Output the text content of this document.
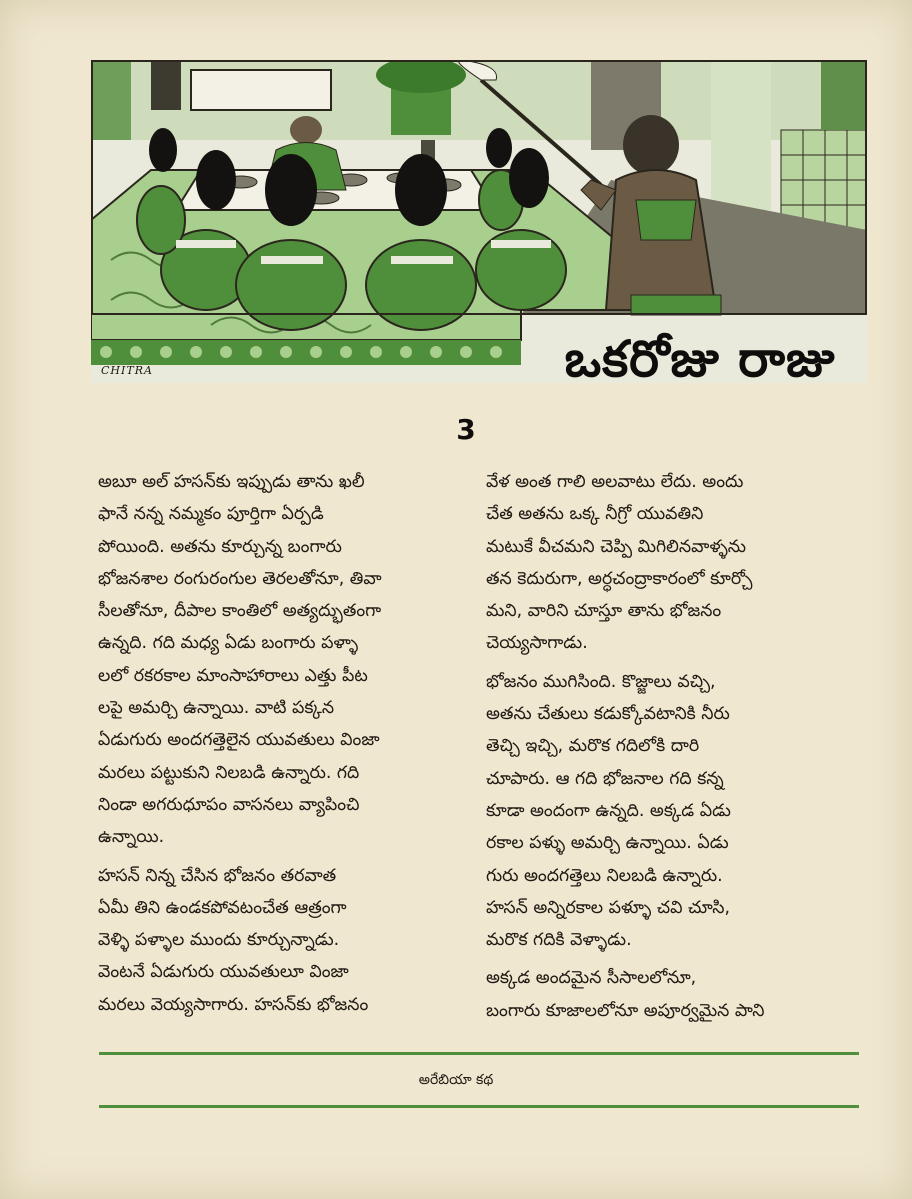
CHITRA	ఒకరోజు రాజు
3

అబూ అల్ హసన్‌కు ఇప్పుడు తాను ఖలీ
ఫానే నన్న నమ్మకం పూర్తిగా ఏర్పడి
పోయింది. అతను కూర్చున్న బంగారు
భోజనశాల రంగురంగుల తెరలతోనూ, తివా
సీలతోనూ, దీపాల కాంతిలో అత్యద్భుతంగా
ఉన్నది. గది మధ్య ఏడు బంగారు పళ్ళా
లలో రకరకాల మాంసాహారాలు ఎత్తు పీట
లపై అమర్చి ఉన్నాయి. వాటి పక్కన
ఏడుగురు అందగత్తెలైన యువతులు వింజా
మరలు పట్టుకుని నిలబడి ఉన్నారు. గది
నిండా అగరుధూపం వాసనలు వ్యాపించి
ఉన్నాయి.

హసన్ నిన్న చేసిన భోజనం తరవాత
ఏమీ తిని ఉండకపోవటంచేత ఆత్రంగా
వెళ్ళి పళ్ళాల ముందు కూర్చున్నాడు.
వెంటనే ఏడుగురు యువతులూ వింజా
మరలు వెయ్యసాగారు. హసన్‌కు భోజనం

వేళ అంత గాలి అలవాటు లేదు. అందు
చేత అతను ఒక్క నీగ్రో యువతిని
మటుకే వీచమని చెప్పి మిగిలినవాళ్ళను
తన కెదురుగా, అర్ధచంద్రాకారంలో కూర్చో
మని, వారిని చూస్తూ తాను భోజనం
చెయ్యసాగాడు.

భోజనం ముగిసింది. కొజ్జాలు వచ్చి,
అతను చేతులు కడుక్కోవటానికి నీరు
తెచ్చి ఇచ్చి, మరొక గదిలోకి దారి
చూపారు. ఆ గది భోజనాల గది కన్న
కూడా అందంగా ఉన్నది. అక్కడ ఏడు
రకాల పళ్ళు అమర్చి ఉన్నాయి. ఏడు
గురు అందగత్తెలు నిలబడి ఉన్నారు.
హసన్ అన్నిరకాల పళ్ళూ చవి చూసి,
మరొక గదికి వెళ్ళాడు.

అక్కడ అందమైన సీసాలలోనూ,
బంగారు కూజాలలోనూ అపూర్వమైన పాని

అరేబియా కథ
